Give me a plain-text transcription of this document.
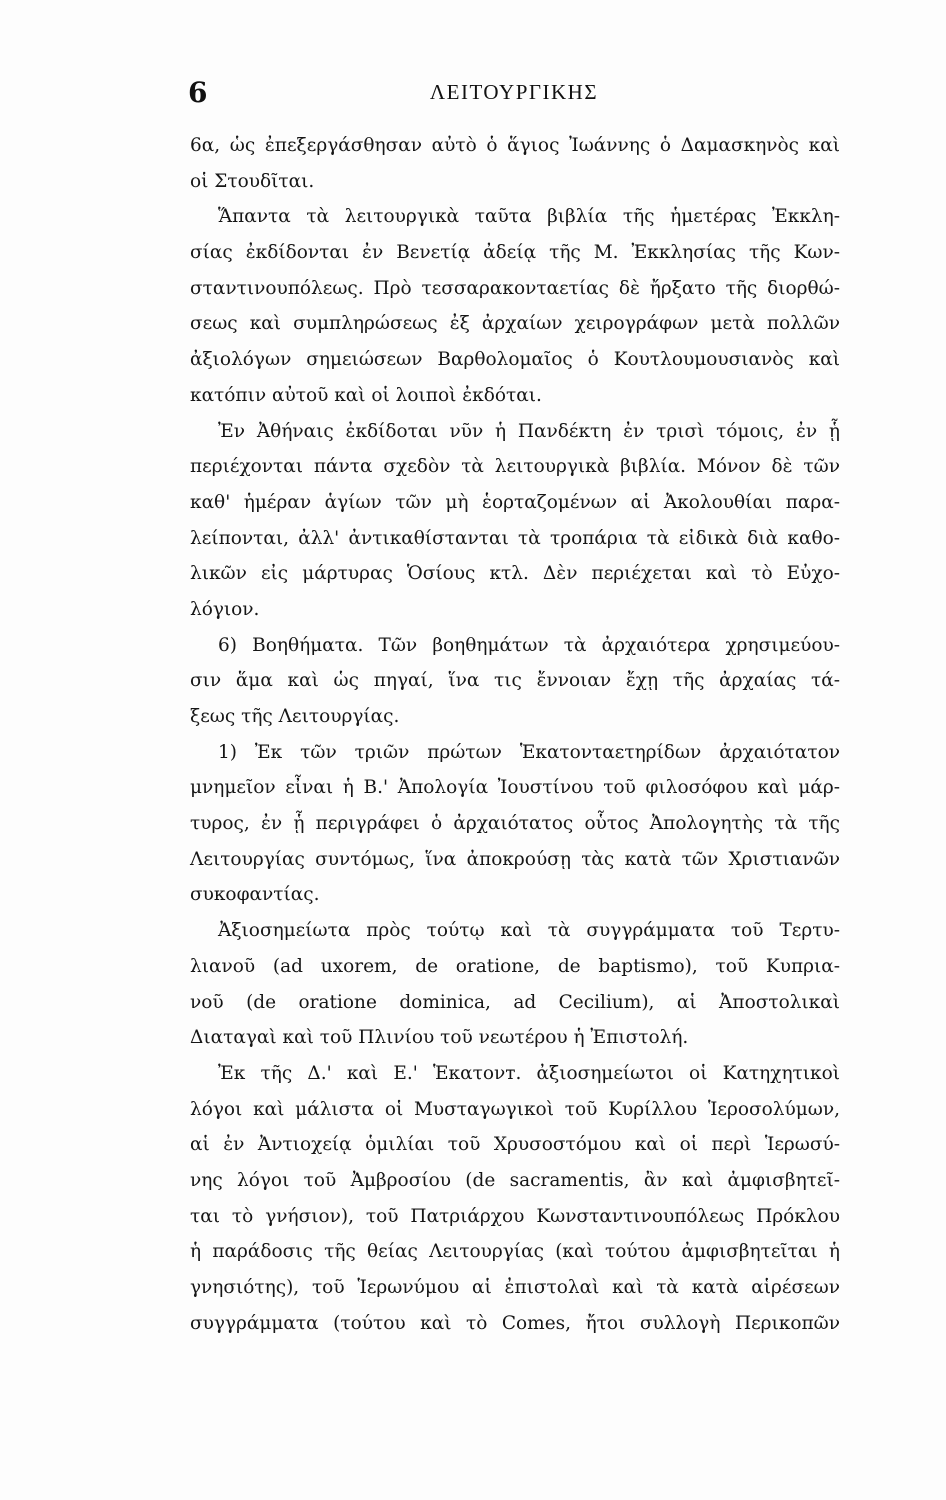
6	ΛΕΙΤΟΥΡΓΙΚΗΣ
6α, ὡς ἐπεξεργάσθησαν αὐτὸ ὁ ἅγιος Ἰωάννης ὁ Δαμασκηνὸς καὶ
οἱ Στουδῖται.
Ἅπαντα τὰ λειτουργικὰ ταῦτα βιβλία τῆς ἡμετέρας Ἐκκλη-
σίας ἐκδίδονται ἐν Βενετίᾳ ἀδείᾳ τῆς Μ. Ἐκκλησίας τῆς Κων-
σταντινουπόλεως. Πρὸ τεσσαρακονταετίας δὲ ἤρξατο τῆς διορθώ-
σεως καὶ συμπληρώσεως ἐξ ἀρχαίων χειρογράφων μετὰ πολλῶν
ἀξιολόγων σημειώσεων Βαρθολομαῖος ὁ Κουτλουμουσιανὸς καὶ
κατόπιν αὐτοῦ καὶ οἱ λοιποὶ ἐκδόται.
Ἐν Ἀθήναις ἐκδίδοται νῦν ἡ Πανδέκτη ἐν τρισὶ τόμοις, ἐν ᾗ
περιέχονται πάντα σχεδὸν τὰ λειτουργικὰ βιβλία. Μόνον δὲ τῶν
καθ' ἡμέραν ἁγίων τῶν μὴ ἑορταζομένων αἱ Ἀκολουθίαι παρα-
λείπονται, ἀλλ' ἀντικαθίστανται τὰ τροπάρια τὰ εἰδικὰ διὰ καθο-
λικῶν εἰς μάρτυρας Ὁσίους κτλ. Δὲν περιέχεται καὶ τὸ Εὐχο-
λόγιον.
6) Βοηθήματα. Τῶν βοηθημάτων τὰ ἀρχαιότερα χρησιμεύου-
σιν ἅμα καὶ ὡς πηγαί, ἵνα τις ἔννοιαν ἔχῃ τῆς ἀρχαίας τά-
ξεως τῆς Λειτουργίας.
1) Ἐκ τῶν τριῶν πρώτων Ἑκατονταετηρίδων ἀρχαιότατον
μνημεῖον εἶναι ἡ Β.' Ἀπολογία Ἰουστίνου τοῦ φιλοσόφου καὶ μάρ-
τυρος, ἐν ᾗ περιγράφει ὁ ἀρχαιότατος οὗτος Ἀπολογητὴς τὰ τῆς
Λειτουργίας συντόμως, ἵνα ἀποκρούσῃ τὰς κατὰ τῶν Χριστιανῶν
συκοφαντίας.
Ἀξιοσημείωτα πρὸς τούτῳ καὶ τὰ συγγράμματα τοῦ Τερτυ-
λιανοῦ (ad uxorem, de oratione, de baptismo), τοῦ Κυπρια-
νοῦ (de oratione dominica, ad Cecilium), αἱ Ἀποστολικαὶ
Διαταγαὶ καὶ τοῦ Πλινίου τοῦ νεωτέρου ἡ Ἐπιστολή.
Ἐκ τῆς Δ.' καὶ Ε.' Ἑκατονт. ἀξιοσημείωτοι οἱ Κατηχητικοὶ
λόγοι καὶ μάλιστα οἱ Μυσταγωγικοὶ τοῦ Κυρίλλου Ἱεροσολύμων,
αἱ ἐν Ἀντιοχείᾳ ὁμιλίαι τοῦ Χρυσοστόμου καὶ οἱ περὶ Ἱερωσύ-
νης λόγοι τοῦ Ἀμβροσίου (de sacramentis, ἂν καὶ ἀμφισβητεῖ-
ται τὸ γνήσιον), τοῦ Πατριάρχου Κωνσταντινουπόλεως Πρόκλου
ἡ παράδοσις τῆς θείας Λειτουργίας (καὶ τούτου ἀμφισβητεῖται ἡ
γνησιότης), τοῦ Ἱερωνύμου αἱ ἐπιστολαὶ καὶ τὰ κατὰ αἱρέσεων
συγγράμματα (τούτου καὶ τὸ Comes, ἤτοι συλλογὴ Περικοπῶν
